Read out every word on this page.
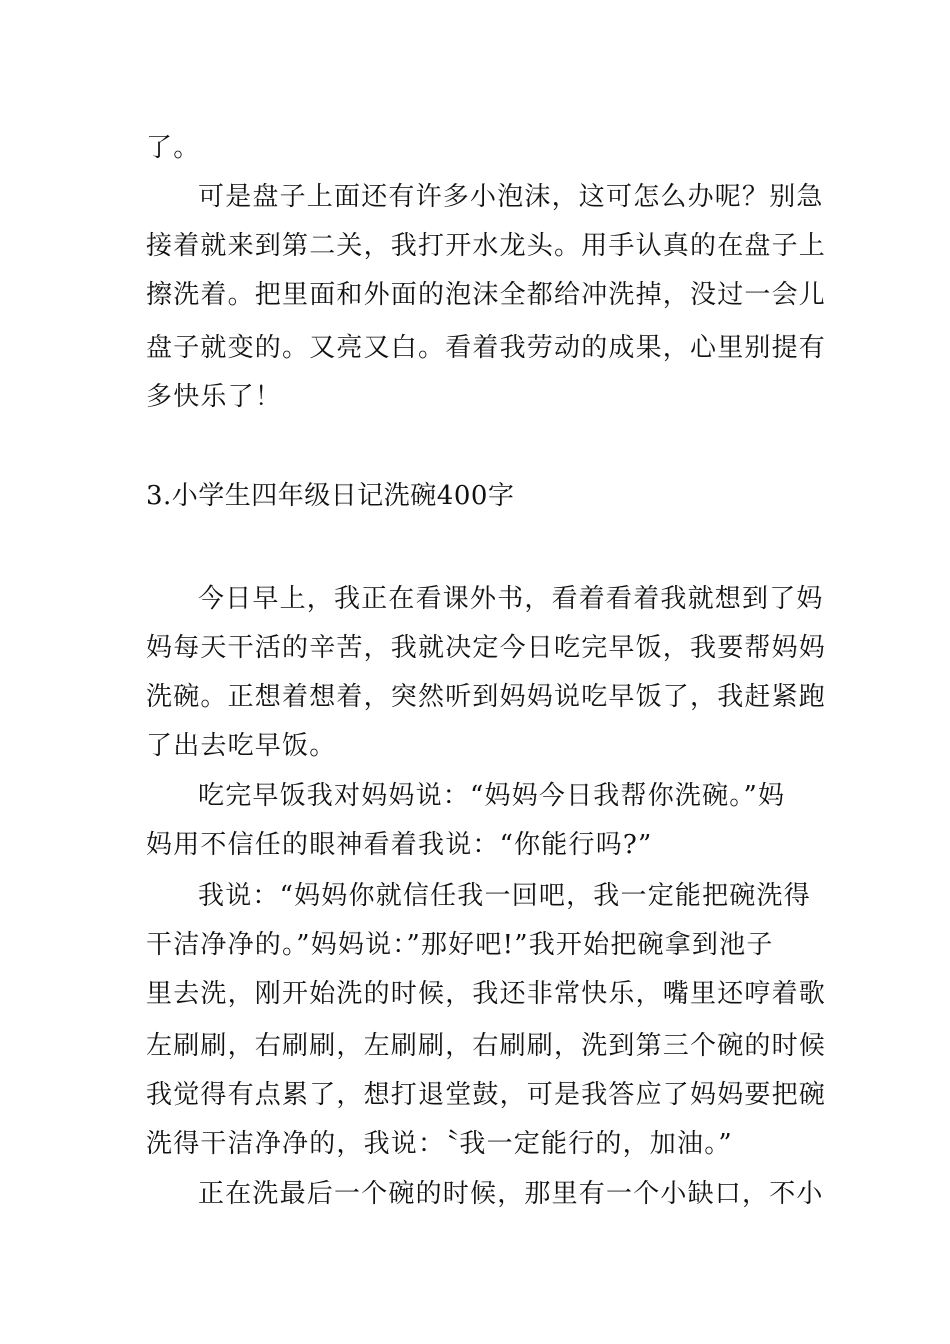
了。
可是盘子上面还有许多小泡沫，这可怎么办呢？别急
接着就来到第二关，我打开水龙头。用手认真的在盘子上
擦洗着。把里面和外面的泡沫全都给冲洗掉，没过一会儿
盘子就变的。又亮又白。看着我劳动的成果，心里别提有
多快乐了！
3.小学生四年级日记洗碗400字
今日早上，我正在看课外书，看着看着我就想到了妈
妈每天干活的辛苦，我就决定今日吃完早饭，我要帮妈妈
洗碗。正想着想着，突然听到妈妈说吃早饭了，我赶紧跑
了出去吃早饭。
吃完早饭我对妈妈说：“妈妈今日我帮你洗碗。”妈
妈用不信任的眼神看着我说：“你能行吗?”
我说：“妈妈你就信任我一回吧，我一定能把碗洗得
干洁净净的。”妈妈说：”那好吧!”我开始把碗拿到池子
里去洗，刚开始洗的时候，我还非常快乐，嘴里还哼着歌
左刷刷，右刷刷，左刷刷，右刷刷，洗到第三个碗的时候
我觉得有点累了，想打退堂鼓，可是我答应了妈妈要把碗
洗得干洁净净的，我说：〝我一定能行的，加油。”
正在洗最后一个碗的时候，那里有一个小缺口，不小
